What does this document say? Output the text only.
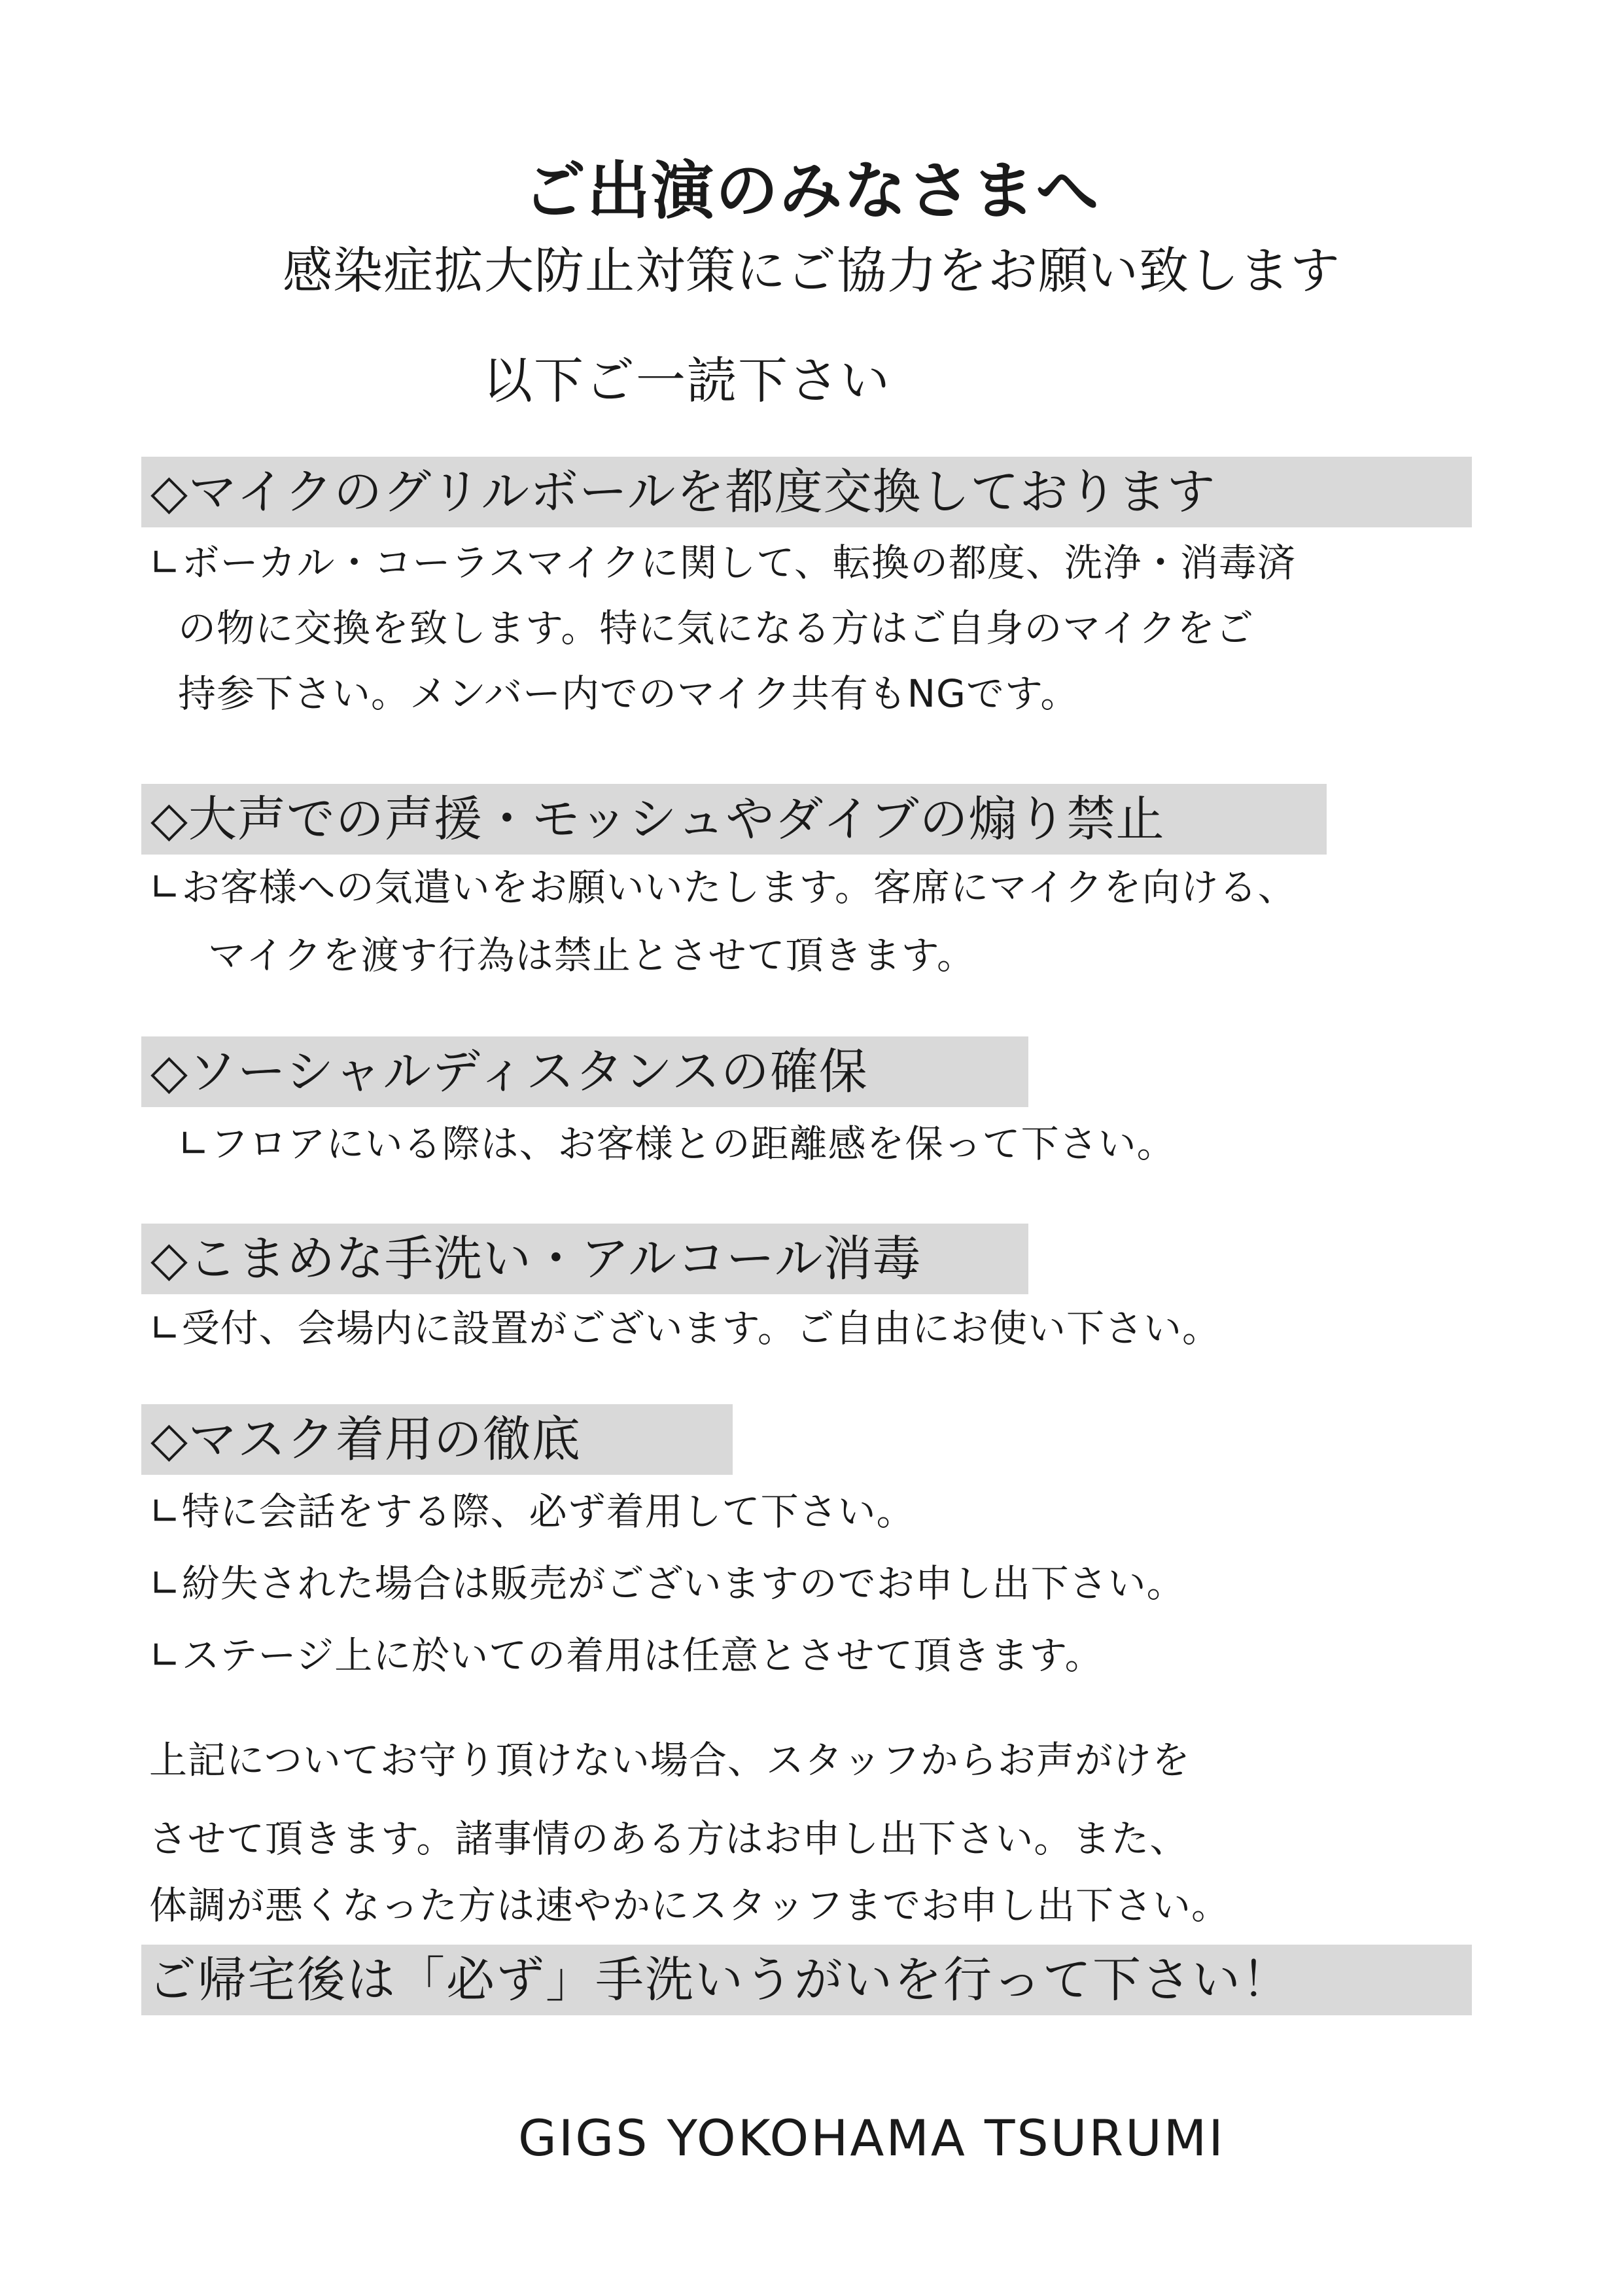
ご出演のみなさまへ
感染症拡大防止対策にご協力をお願い致します
以下ご一読下さい
◇マイクのグリルボールを都度交換しております
∟ボーカル・コーラスマイクに関して、転換の都度、洗浄・消毒済
の物に交換を致します。特に気になる方はご自身のマイクをご
持参下さい。メンバー内でのマイク共有もNGです。
◇大声での声援・モッシュやダイブの煽り禁止
∟お客様への気遣いをお願いいたします。客席にマイクを向ける、
マイクを渡す行為は禁止とさせて頂きます。
◇ソーシャルディスタンスの確保
∟フロアにいる際は、お客様との距離感を保って下さい。
◇こまめな手洗い・アルコール消毒
∟受付、会場内に設置がございます。ご自由にお使い下さい。
◇マスク着用の徹底
∟特に会話をする際、必ず着用して下さい。
∟紛失された場合は販売がございますのでお申し出下さい。
∟ステージ上に於いての着用は任意とさせて頂きます。
上記についてお守り頂けない場合、スタッフからお声がけを
させて頂きます。諸事情のある方はお申し出下さい。また、
体調が悪くなった方は速やかにスタッフまでお申し出下さい。
ご帰宅後は「必ず」手洗いうがいを行って下さい！
GIGS YOKOHAMA TSURUMI
